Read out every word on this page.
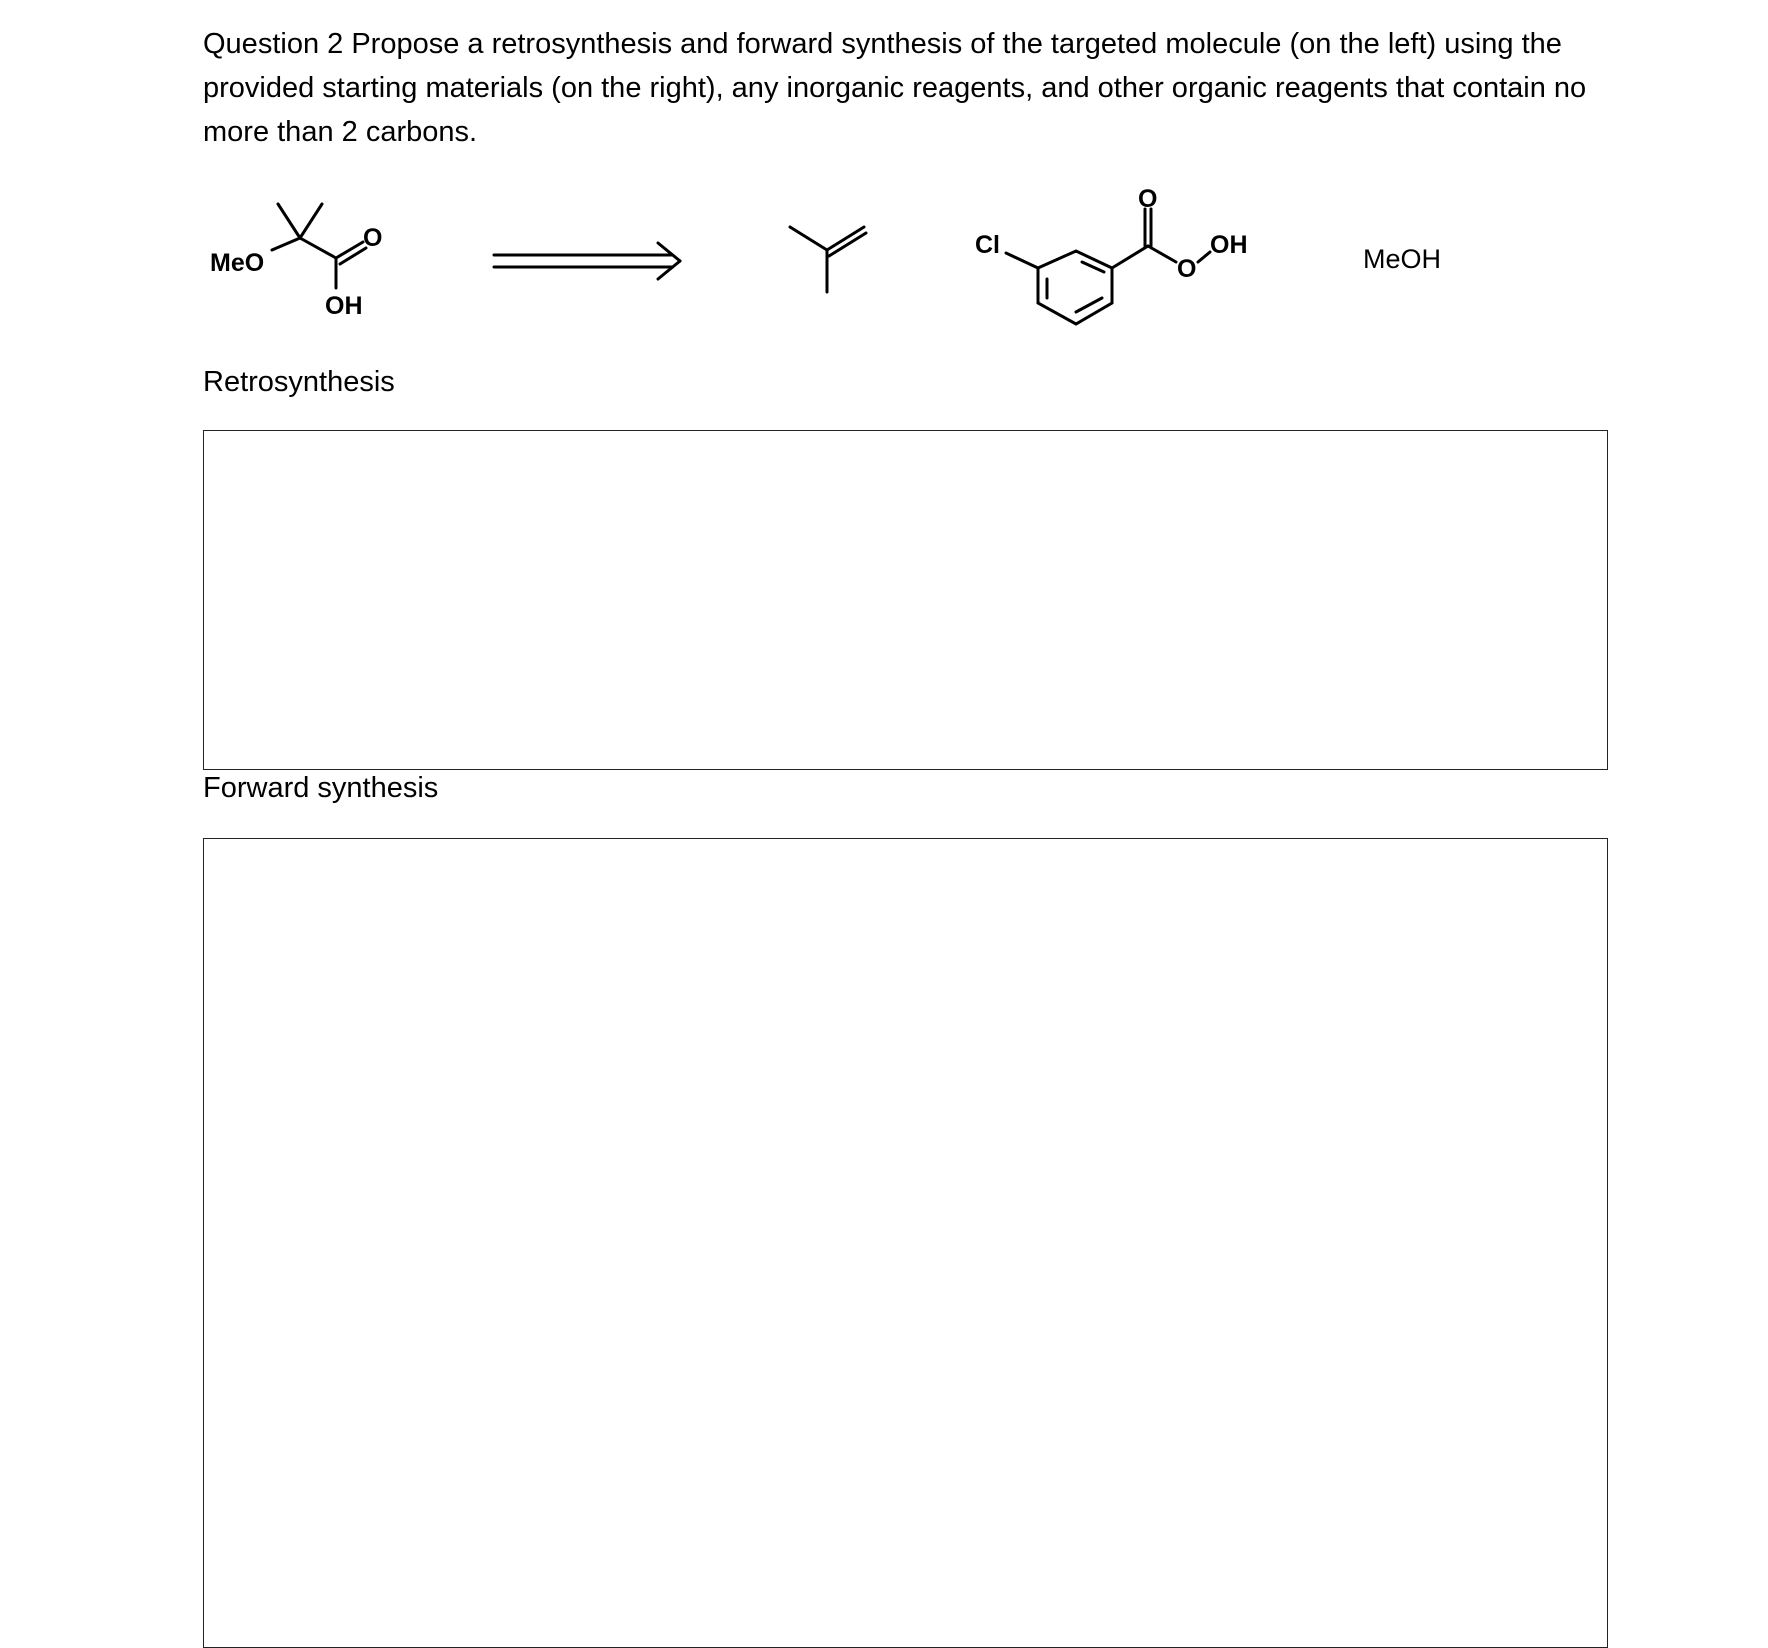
Question 2 Propose a retrosynthesis and forward synthesis of the targeted molecule (on the left) using the provided starting materials (on the right), any inorganic reagents, and other organic reagents that contain no more than 2 carbons.

MeO
O
OH
Cl
O
O
OH	MeOH

Retrosynthesis

Forward synthesis
